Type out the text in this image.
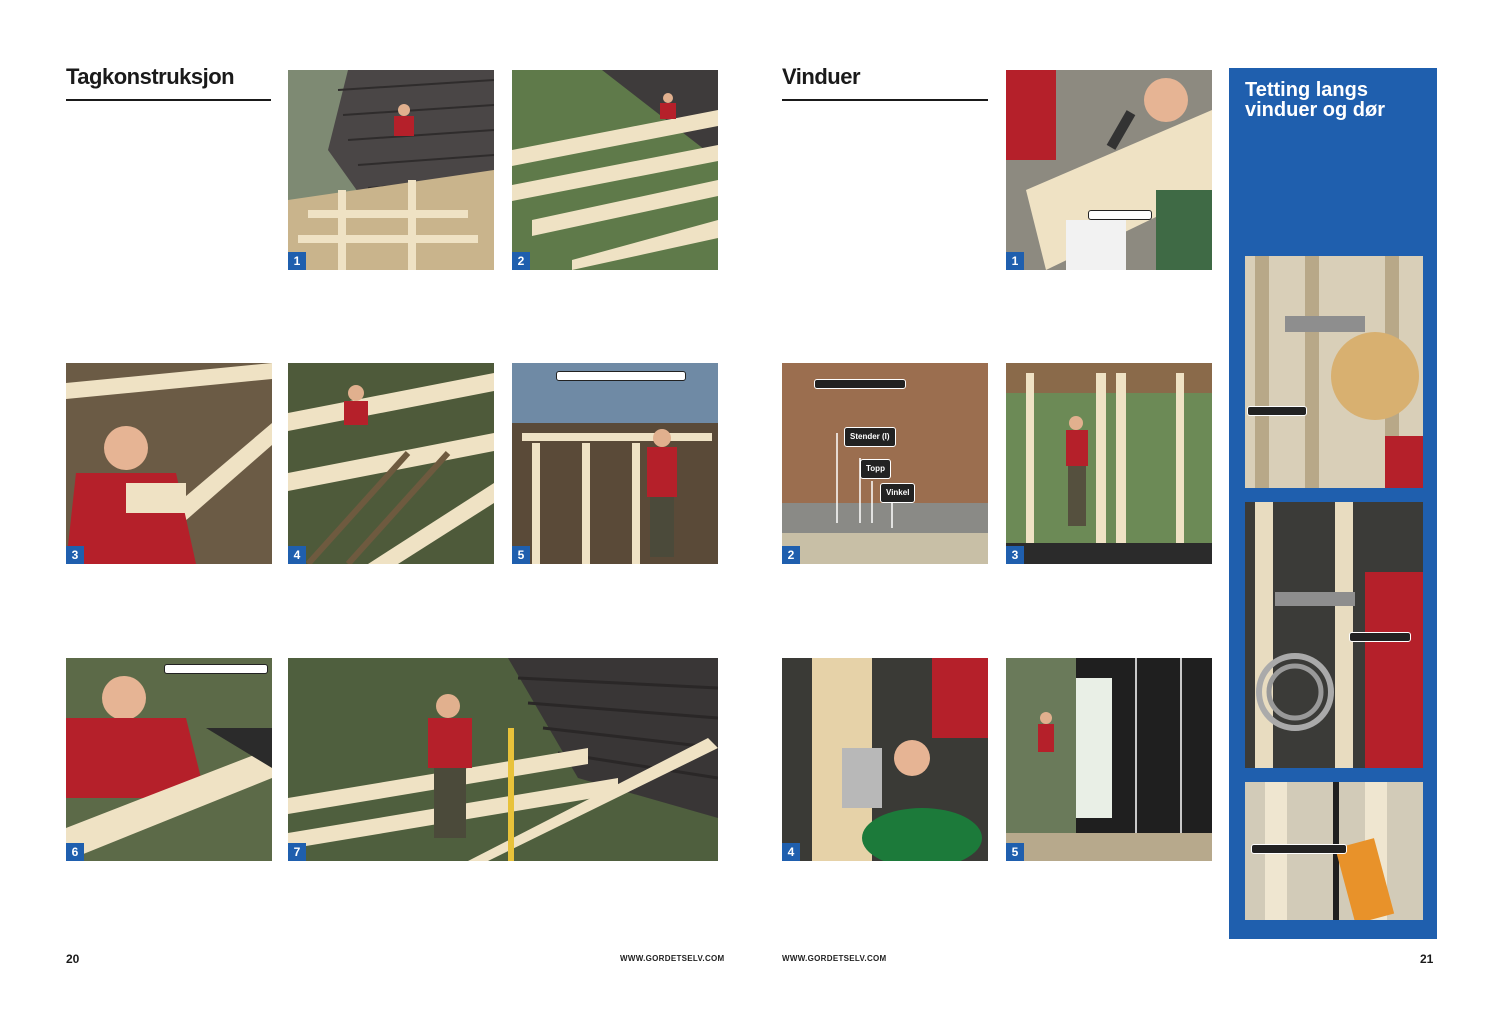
Tagkonstruksjon

1	2
3	4	5
6	7
20	WWW.GORDETSELV.COM
Vinduer

1
Stender (I)
Topp
Vinkel
2	3
4	5
Tetting langs vinduer og dør
WWW.GORDETSELV.COM	21
